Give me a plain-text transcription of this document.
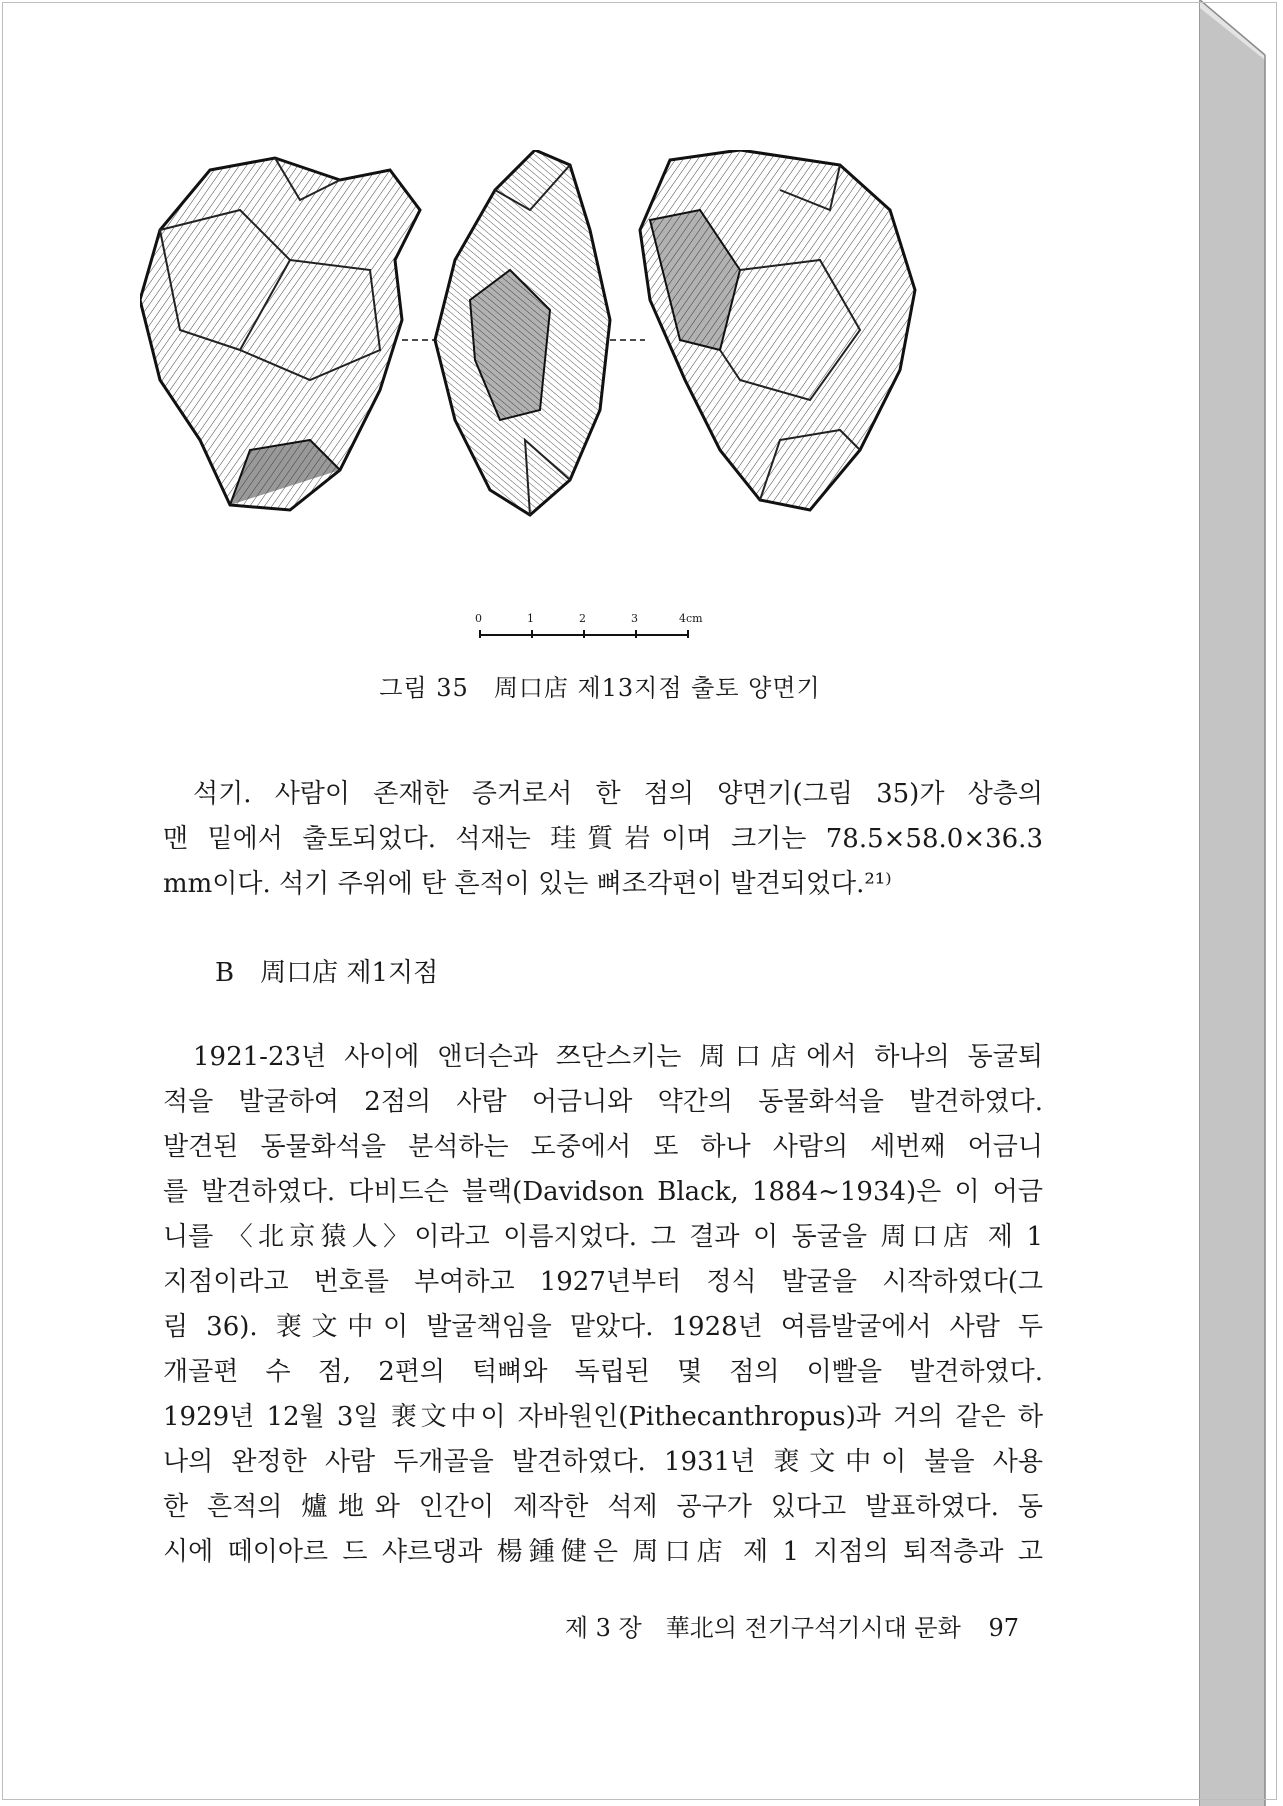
0	1	2	3	4cm
그림 35　周口店 제13지점 출토 양면기
석기. 사람이 존재한 증거로서 한 점의 양면기(그림 35)가 상층의
맨 밑에서 출토되었다. 석재는 珪質岩이며 크기는 78.5×58.0×36.3
mm이다. 석기 주위에 탄 흔적이 있는 뼈조각편이 발견되었다.²¹⁾
B　周口店 제1지점
1921-23년 사이에 앤더슨과 쯔단스키는 周口店에서 하나의 동굴퇴
적을 발굴하여 2점의 사람 어금니와 약간의 동물화석을 발견하였다.
발견된 동물화석을 분석하는 도중에서 또 하나 사람의 세번째 어금니
를 발견하였다. 다비드슨 블랙(Davidson Black, 1884~1934)은 이 어금
니를 〈北京猿人〉이라고 이름지었다. 그 결과 이 동굴을 周口店 제 1
지점이라고 번호를 부여하고 1927년부터 정식 발굴을 시작하였다(그
림 36). 裵文中이 발굴책임을 맡았다. 1928년 여름발굴에서 사람 두
개골편 수 점, 2편의 턱뼈와 독립된 몇 점의 이빨을 발견하였다.
1929년 12월 3일 裵文中이 자바원인(Pithecanthropus)과 거의 같은 하
나의 완정한 사람 두개골을 발견하였다. 1931년 裵文中이 불을 사용
한 흔적의 爐地와 인간이 제작한 석제 공구가 있다고 발표하였다. 동
시에 떼이아르 드 샤르댕과 楊鍾健은 周口店 제 1 지점의 퇴적층과 고
제 3 장　華北의 전기구석기시대 문화 97
